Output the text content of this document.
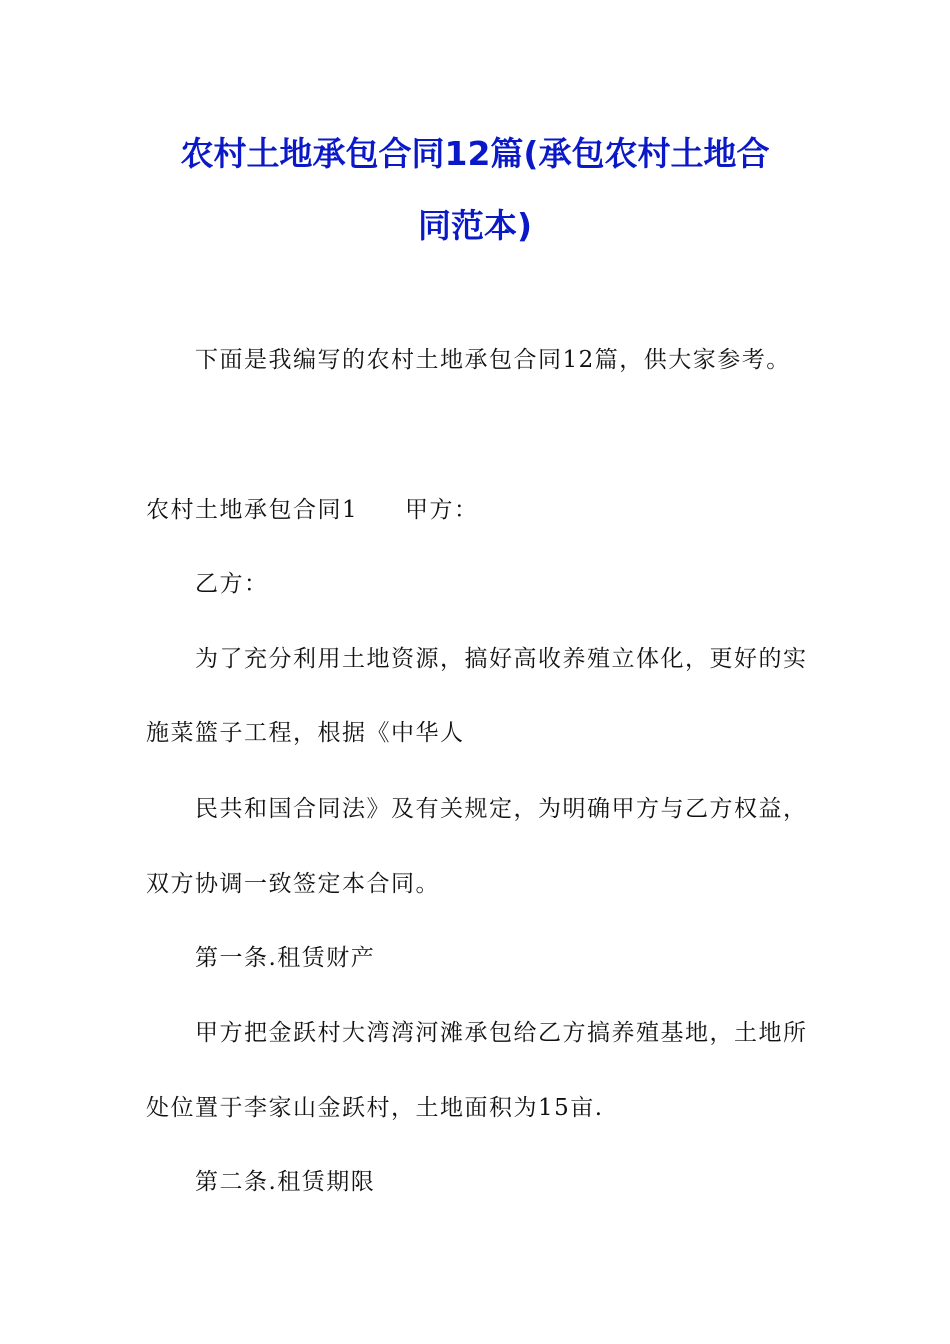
农村土地承包合同12篇(承包农村土地合
同范本)
下面是我编写的农村土地承包合同12篇，供大家参考。
农村土地承包合同1 甲方：
乙方：
为了充分利用土地资源，搞好高收养殖立体化，更好的实
施菜篮子工程，根据《中华人
民共和国合同法》及有关规定，为明确甲方与乙方权益，
双方协调一致签定本合同。
第一条.租赁财产
甲方把金跃村大湾湾河滩承包给乙方搞养殖基地，土地所
处位置于李家山金跃村，土地面积为15亩.
第二条.租赁期限
